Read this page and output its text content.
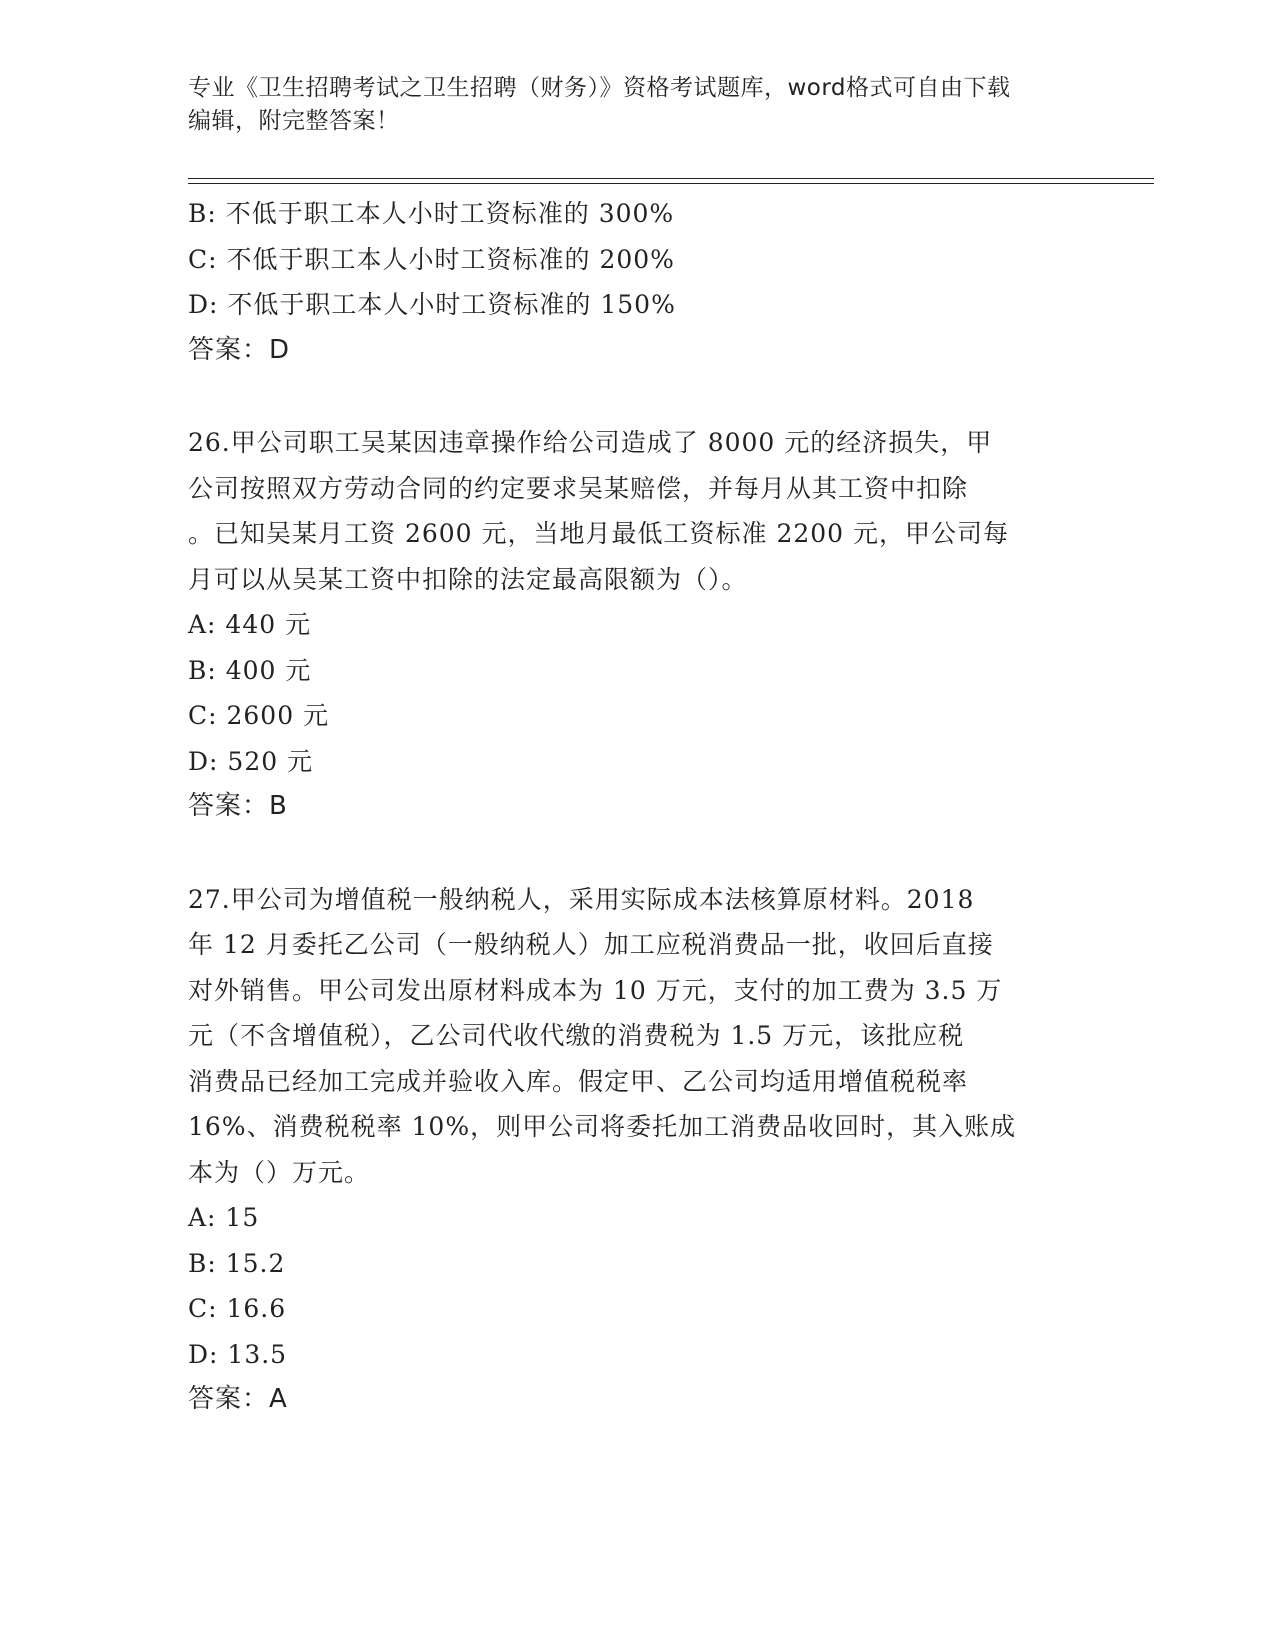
专业《卫生招聘考试之卫生招聘（财务）》资格考试题库，word格式可自由下载
编辑，附完整答案！
B: 不低于职工本人小时工资标准的 300%
C: 不低于职工本人小时工资标准的 200%
D: 不低于职工本人小时工资标准的 150%
答案：D
26.甲公司职工吴某因违章操作给公司造成了 8000 元的经济损失，甲
公司按照双方劳动合同的约定要求吴某赔偿，并每月从其工资中扣除
。已知吴某月工资 2600 元，当地月最低工资标准 2200 元，甲公司每
月可以从吴某工资中扣除的法定最高限额为（）。
A: 440 元
B: 400 元
C: 2600 元
D: 520 元
答案：B
27.甲公司为增值税一般纳税人，采用实际成本法核算原材料。2018
年 12 月委托乙公司（一般纳税人）加工应税消费品一批，收回后直接
对外销售。甲公司发出原材料成本为 10 万元，支付的加工费为 3.5 万
元（不含增值税），乙公司代收代缴的消费税为 1.5 万元，该批应税
消费品已经加工完成并验收入库。假定甲、乙公司均适用增值税税率
16%、消费税税率 10%，则甲公司将委托加工消费品收回时，其入账成
本为（）万元。
A: 15
B: 15.2
C: 16.6
D: 13.5
答案：A
